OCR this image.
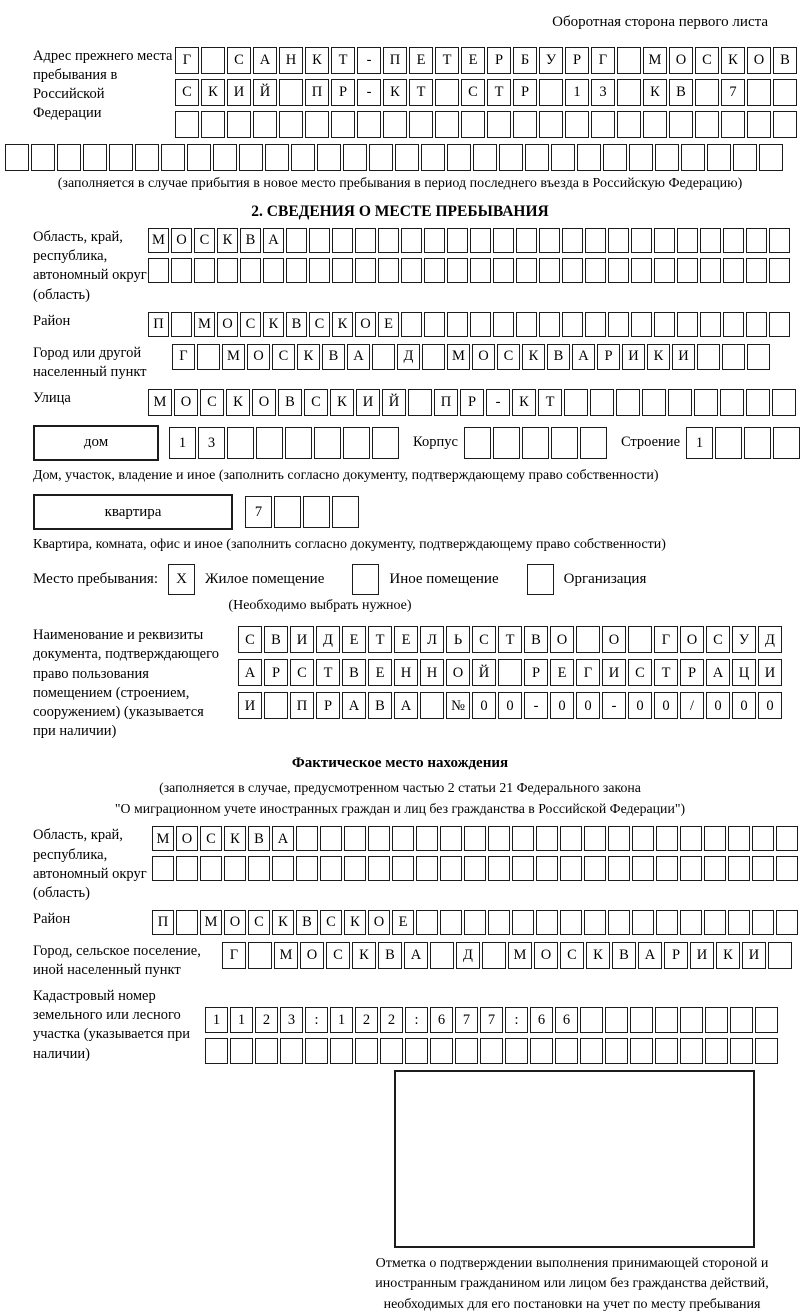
Оборотная сторона первого листа
Адрес прежнего места пребывания в Российской Федерации
Г	С	А	Н	К	Т	-	П	Е	Т	Е	Р	Б	У	Р	Г	М О	С	К	О	В
С	К	И	Й	П	Р	-	К	Т	С	Т	Р	1	3	К	В	7
(заполняется в случае прибытия в новое место пребывания в период последнего въезда в Российскую Федерацию)
2. СВЕДЕНИЯ О МЕСТЕ ПРЕБЫВАНИЯ
Область, край, республика, автономный округ (область)
М О С К В А
Район	П	М О С К В С К О Е
Город или другой населенный пункт
Г	М О	С	К	В	А	Д	М О	С	К	В	А	Р	И	К	И
Улица	М О	С	К	О	В	С	К	И	Й	П	Р	-	К	Т
дом	1	3	Корпус	Строение	1
Дом, участок, владение и иное (заполнить согласно документу, подтверждающему право собственности)
квартира	7
Квартира, комната, офис и иное (заполнить согласно документу, подтверждающему право собственности)
Место пребывания:	X	Жилое помещение	Иное помещение	Организация
(Необходимо выбрать нужное)
Наименование и реквизиты документа, подтверждающего право пользования помещением (строением, сооружением) (указывается при наличии)
С	В	И	Д	Е	Т	Е	Л	Ь	С	Т	В	О	О	Г	О	С	У	Д
А	Р	С	Т	В	Е	Н	Н	О	Й	Р	Е	Г	И	С	Т	Р	А	Ц	И
И	П	Р	А	В	А	№	0	0	-	0	0	-	0	0	/	0	0	0
Фактическое место нахождения
(заполняется в случае, предусмотренном частью 2 статьи 21 Федерального закона
"О миграционном учете иностранных граждан и лиц без гражданства в Российской Федерации")
Область, край, республика, автономный округ (область)
М О С К В А
Район	П	М О С К В С К О Е
Город, сельское поселение, иной населенный пункт
Г	М О	С	К	В	А	Д	М О	С	К	В	А	Р	И	К	И
Кадастровый номер земельного или лесного участка (указывается при наличии)
1	1	2	3	:	1	2	2	:	6	7	7	:	6	6
Отметка о подтверждении выполнения принимающей стороной и иностранным гражданином или лицом без гражданства действий, необходимых для его постановки на учет по месту пребывания
